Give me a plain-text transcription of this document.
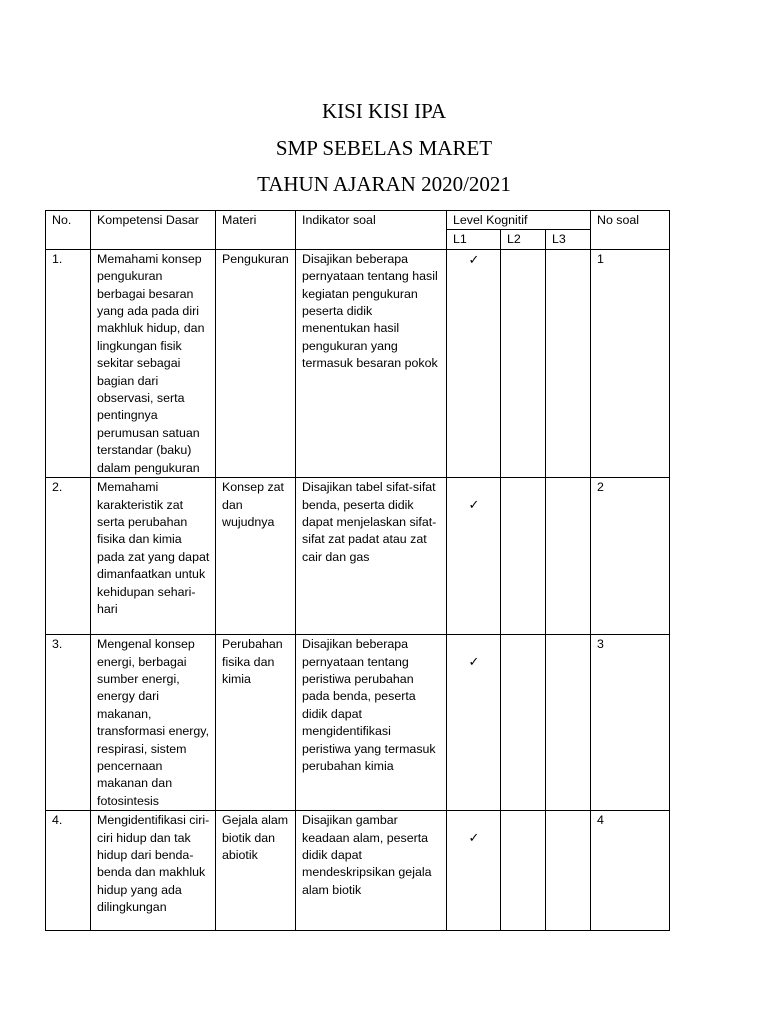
KISI KISI IPA
SMP SEBELAS MARET
TAHUN AJARAN 2020/2021
No.	Kompetensi Dasar	Materi	Indikator soal	Level Kognitif			No soal
				L1	L2	L3	
1.	Memahami konsep pengukuran berbagai besaran yang ada pada diri makhluk hidup, dan lingkungan fisik sekitar sebagai bagian dari observasi, serta pentingnya perumusan satuan terstandar (baku) dalam pengukuran	Pengukuran	Disajikan beberapa pernyataan tentang hasil kegiatan pengukuran peserta didik menentukan hasil pengukuran yang termasuk besaran pokok	✓			1
2.	Memahami karakteristik zat serta perubahan fisika dan kimia pada zat yang dapat dimanfaatkan untuk kehidupan sehari-hari	Konsep zat dan wujudnya	Disajikan tabel sifat-sifat benda, peserta didik dapat menjelaskan sifat-sifat zat padat atau zat cair dan gas	✓			2
3.	Mengenal konsep energi, berbagai sumber energi, energy dari makanan, transformasi energy, respirasi, sistem pencernaan makanan dan fotosintesis	Perubahan fisika dan kimia	Disajikan beberapa pernyataan tentang peristiwa perubahan pada benda, peserta didik dapat mengidentifikasi peristiwa yang termasuk perubahan kimia	✓			3
4.	Mengidentifikasi ciri-ciri hidup dan tak hidup dari benda- benda dan makhluk hidup yang ada dilingkungan	Gejala alam biotik dan abiotik	Disajikan gambar keadaan alam, peserta didik dapat mendeskripsikan gejala alam biotik	✓			4
